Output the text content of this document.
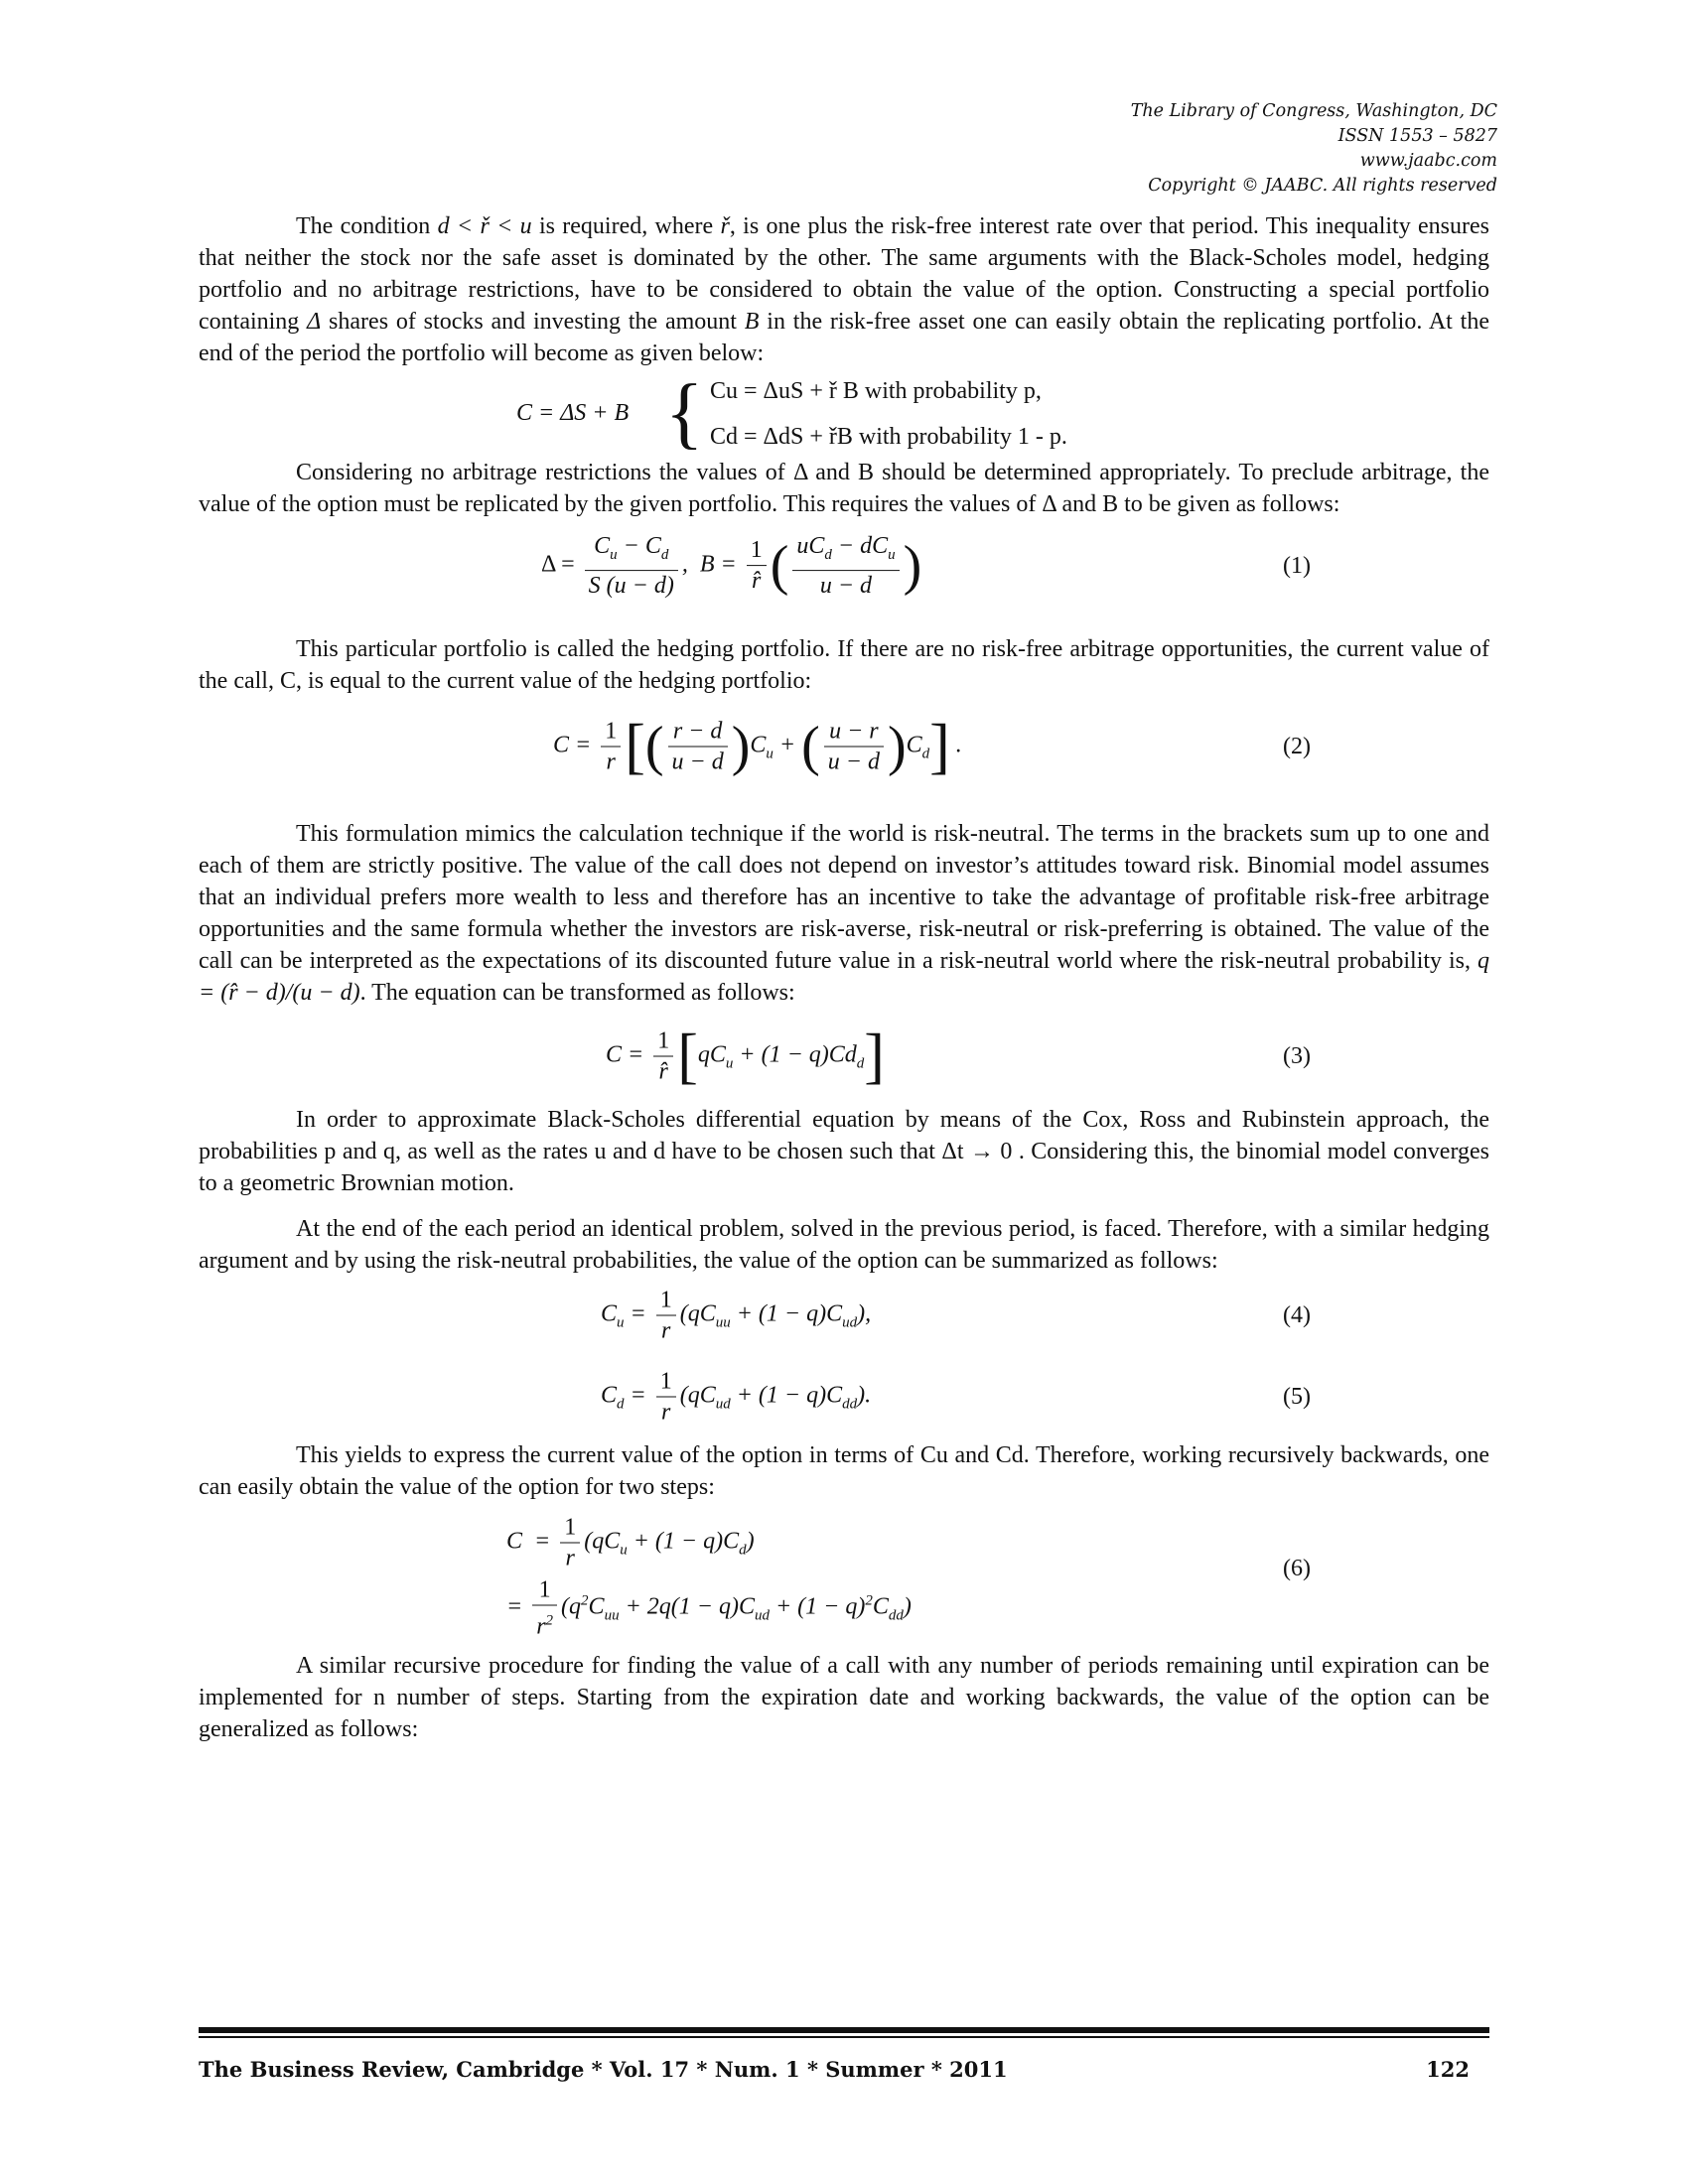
The Library of Congress, Washington, DC
ISSN 1553 – 5827
www.jaabc.com
Copyright © JAABC. All rights reserved

The condition d < ř < u is required, where ř, is one plus the risk-free interest rate over that period. This inequality ensures that neither the stock nor the safe asset is dominated by the other. The same arguments with the Black-Scholes model, hedging portfolio and no arbitrage restrictions, have to be considered to obtain the value of the option. Constructing a special portfolio containing Δ shares of stocks and investing the amount B in the risk-free asset one can easily obtain the replicating portfolio. At the end of the period the portfolio will become as given below:

C = ΔS + B { Cu = ΔuS + ř B with probability p,
Cd = ΔdS + řB with probability 1 - p.

Considering no arbitrage restrictions the values of Δ and B should be determined appropriately. To preclude arbitrage, the value of the option must be replicated by the given portfolio. This requires the values of Δ and B to be given as follows:

$\Delta = \frac{C_u - C_d}{S (u - d)}$ ,  $B = \frac{1}{r̂}$ ( $\frac{uC_d - dC_u}{u - d}$ )	(1)

This particular portfolio is called the hedging portfolio. If there are no risk-free arbitrage opportunities, the current value of the call, C, is equal to the current value of the hedging portfolio:

$C = \frac{1}{r}$ [( $\frac{r - d}{u - d} )C_u$ + ( $\frac{u - r}{u - d} )C_d$] .	(2)

This formulation mimics the calculation technique if the world is risk-neutral. The terms in the brackets sum up to one and each of them are strictly positive. The value of the call does not depend on investor’s attitudes toward risk. Binomial model assumes that an individual prefers more wealth to less and therefore has an incentive to take the advantage of profitable risk-free arbitrage opportunities and the same formula whether the investors are risk-averse, risk-neutral or risk-preferring is obtained. The value of the call can be interpreted as the expectations of its discounted future value in a risk-neutral world where the risk-neutral probability is, q = (r̂ − d)/(u − d). The equation can be transformed as follows:

$C = \frac{1}{r̂} [qC_u + (1 - q)Cd_d]$	(3)

In order to approximate Black-Scholes differential equation by means of the Cox, Ross and Rubinstein approach, the probabilities p and q, as well as the rates u and d have to be chosen such that Δt → 0 . Considering this, the binomial model converges to a geometric Brownian motion.

At the end of the each period an identical problem, solved in the previous period, is faced. Therefore, with a similar hedging argument and by using the risk-neutral probabilities, the value of the option can be summarized as follows:

$C_u = \frac{1}{r} (qC_{uu} + (1 - q)C_{ud})$,	(4)
$C_d = \frac{1}{r} (qC_{ud} + (1 - q)C_{dd})$.	(5)

This yields to express the current value of the option in terms of Cu and Cd. Therefore, working recursively backwards, one can easily obtain the value of the option for two steps:

$C = \frac{1}{r} (qC_u + (1 - q)C_d)$
= $\frac{1}{r^2} (q^2C_{uu} + 2q(1 - q)C_{ud} + (1 - q)^2C_{dd})$
(6)

A similar recursive procedure for finding the value of a call with any number of periods remaining until expiration can be implemented for n number of steps. Starting from the expiration date and working backwards, the value of the option can be generalized as follows:

The Business Review, Cambridge * Vol. 17 * Num. 1 * Summer * 2011	122
